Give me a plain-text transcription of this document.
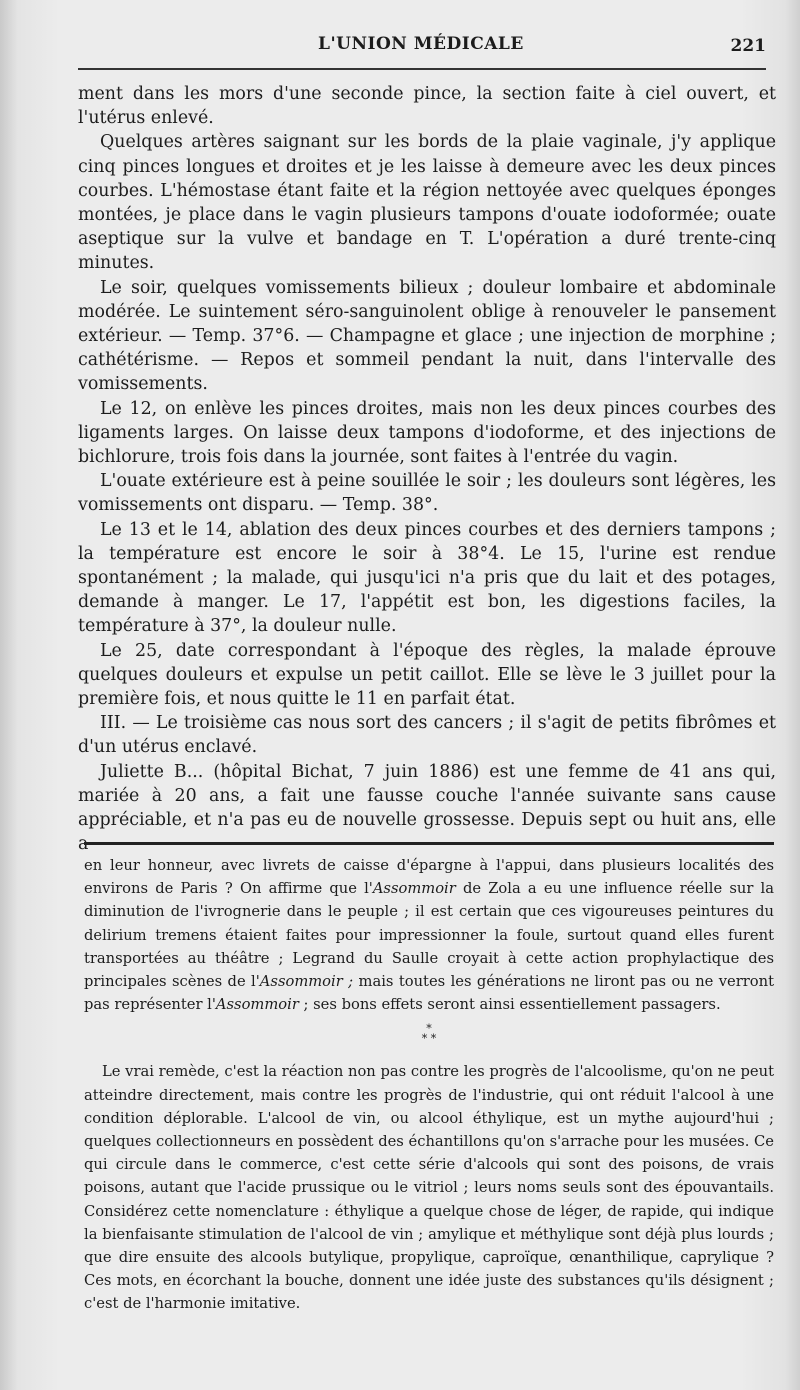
L'UNION MÉDICALE	221

ment dans les mors d'une seconde pince, la section faite à ciel ouvert, et l'utérus enlevé.

Quelques artères saignant sur les bords de la plaie vaginale, j'y applique cinq pinces longues et droites et je les laisse à demeure avec les deux pinces courbes. L'hémostase étant faite et la région nettoyée avec quelques éponges montées, je place dans le vagin plusieurs tampons d'ouate iodoformée; ouate aseptique sur la vulve et bandage en T. L'opération a duré trente-cinq minutes.

Le soir, quelques vomissements bilieux ; douleur lombaire et abdominale modérée. Le suintement séro-sanguinolent oblige à renouveler le pansement extérieur. — Temp. 37°6. — Champagne et glace ; une injection de morphine ; cathétérisme. — Repos et sommeil pendant la nuit, dans l'intervalle des vomissements.

Le 12, on enlève les pinces droites, mais non les deux pinces courbes des ligaments larges. On laisse deux tampons d'iodoforme, et des injections de bichlorure, trois fois dans la journée, sont faites à l'entrée du vagin.

L'ouate extérieure est à peine souillée le soir ; les douleurs sont légères, les vomissements ont disparu. — Temp. 38°.

Le 13 et le 14, ablation des deux pinces courbes et des derniers tampons ; la température est encore le soir à 38°4. Le 15, l'urine est rendue spontanément ; la malade, qui jusqu'ici n'a pris que du lait et des potages, demande à manger. Le 17, l'appétit est bon, les digestions faciles, la température à 37°, la douleur nulle.

Le 25, date correspondant à l'époque des règles, la malade éprouve quelques douleurs et expulse un petit caillot. Elle se lève le 3 juillet pour la première fois, et nous quitte le 11 en parfait état.

III. — Le troisième cas nous sort des cancers ; il s'agit de petits fibrômes et d'un utérus enclavé.

Juliette B... (hôpital Bichat, 7 juin 1886) est une femme de 41 ans qui, mariée à 20 ans, a fait une fausse couche l'année suivante sans cause appréciable, et n'a pas eu de nouvelle grossesse. Depuis sept ou huit ans, elle a

en leur honneur, avec livrets de caisse d'épargne à l'appui, dans plusieurs localités des environs de Paris ? On affirme que l'Assommoir de Zola a eu une influence réelle sur la diminution de l'ivrognerie dans le peuple ; il est certain que ces vigoureuses peintures du delirium tremens étaient faites pour impressionner la foule, surtout quand elles furent transportées au théâtre ; Legrand du Saulle croyait à cette action prophylactique des principales scènes de l'Assommoir ; mais toutes les générations ne liront pas ou ne verront pas représenter l'Assommoir ; ses bons effets seront ainsi essentiellement passagers.

*
* *

Le vrai remède, c'est la réaction non pas contre les progrès de l'alcoolisme, qu'on ne peut atteindre directement, mais contre les progrès de l'industrie, qui ont réduit l'alcool à une condition déplorable. L'alcool de vin, ou alcool éthylique, est un mythe aujourd'hui ; quelques collectionneurs en possèdent des échantillons qu'on s'arrache pour les musées. Ce qui circule dans le commerce, c'est cette série d'alcools qui sont des poisons, de vrais poisons, autant que l'acide prussique ou le vitriol ; leurs noms seuls sont des épouvantails. Considérez cette nomenclature : éthylique a quelque chose de léger, de rapide, qui indique la bienfaisante stimulation de l'alcool de vin ; amylique et méthylique sont déjà plus lourds ; que dire ensuite des alcools butylique, propylique, caproïque, œnanthilique, caprylique ? Ces mots, en écorchant la bouche, donnent une idée juste des substances qu'ils désignent ; c'est de l'harmonie imitative.
